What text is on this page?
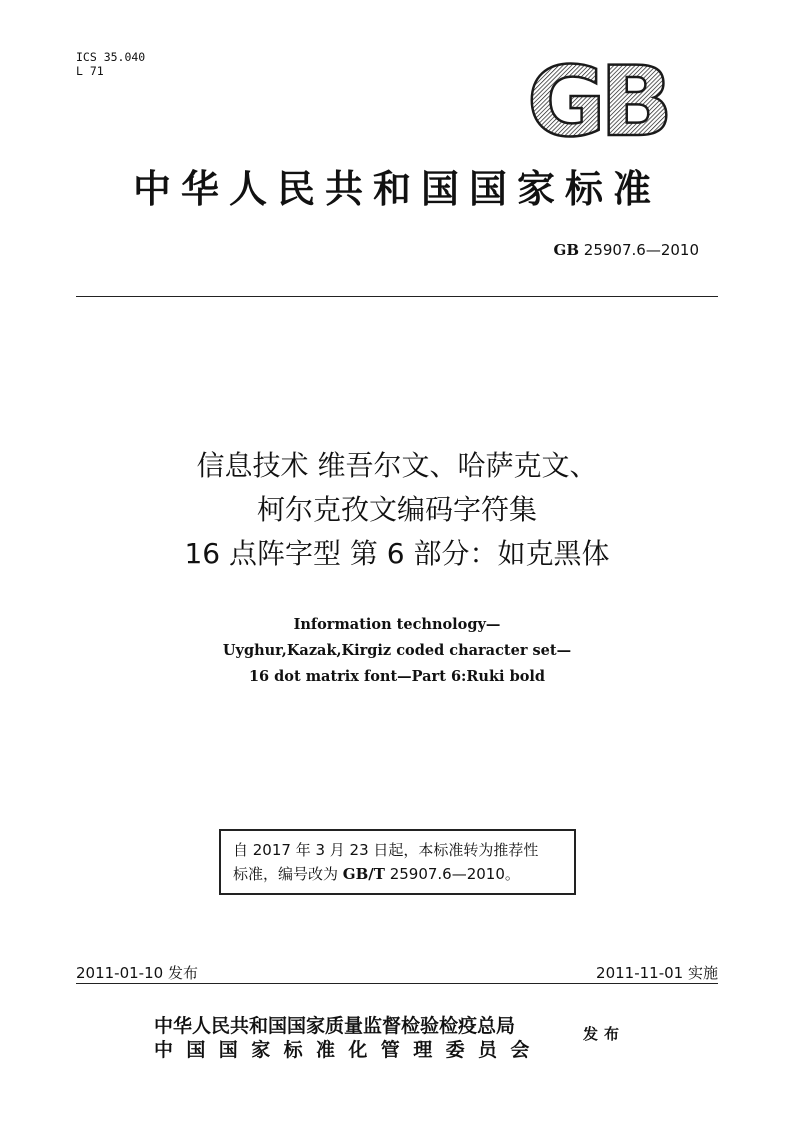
ICS 35.040
L 71	GB
中华人民共和国国家标准
GB 25907.6—2010
信息技术 维吾尔文、哈萨克文、
柯尔克孜文编码字符集
16 点阵字型 第 6 部分：如克黑体
Information technology—
Uyghur,Kazak,Kirgiz coded character set—
16 dot matrix font—Part 6:Ruki bold
自 2017 年 3 月 23 日起，本标准转为推荐性
标准，编号改为 GB/T 25907.6—2010。
2011-01-10 发布	2011-11-01 实施
中华人民共和国国家质量监督检验检疫总局
中国国家标准化管理委员会
发布
